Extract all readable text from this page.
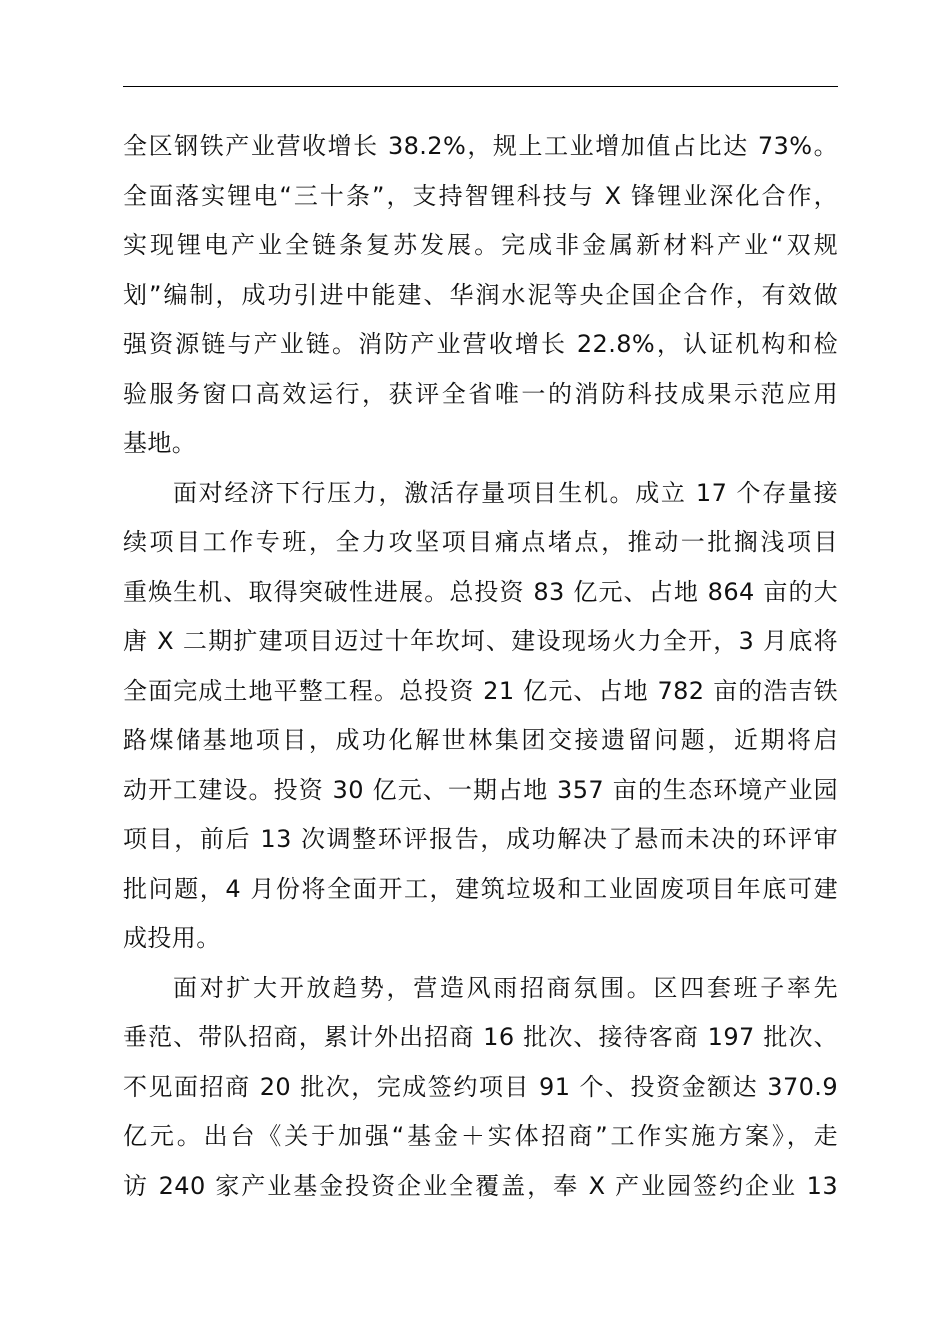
全区钢铁产业营收增长 38.2%，规上工业增加值占比达 73%。
全面落实锂电“三十条”，支持智锂科技与 X 锋锂业深化合作，
实现锂电产业全链条复苏发展。完成非金属新材料产业“双规
划”编制，成功引进中能建、华润水泥等央企国企合作，有效做
强资源链与产业链。消防产业营收增长 22.8%，认证机构和检
验服务窗口高效运行，获评全省唯一的消防科技成果示范应用
基地。
面对经济下行压力，激活存量项目生机。成立 17 个存量接
续项目工作专班，全力攻坚项目痛点堵点，推动一批搁浅项目
重焕生机、取得突破性进展。总投资 83 亿元、占地 864 亩的大
唐 X 二期扩建项目迈过十年坎坷、建设现场火力全开，3 月底将
全面完成土地平整工程。总投资 21 亿元、占地 782 亩的浩吉铁
路煤储基地项目，成功化解世林集团交接遗留问题，近期将启
动开工建设。投资 30 亿元、一期占地 357 亩的生态环境产业园
项目，前后 13 次调整环评报告，成功解决了悬而未决的环评审
批问题，4 月份将全面开工，建筑垃圾和工业固废项目年底可建
成投用。
面对扩大开放趋势，营造风雨招商氛围。区四套班子率先
垂范、带队招商，累计外出招商 16 批次、接待客商 197 批次、
不见面招商 20 批次，完成签约项目 91 个、投资金额达 370.9
亿元。出台《关于加强“基金＋实体招商”工作实施方案》，走
访 240 家产业基金投资企业全覆盖，奉 X 产业园签约企业 13
